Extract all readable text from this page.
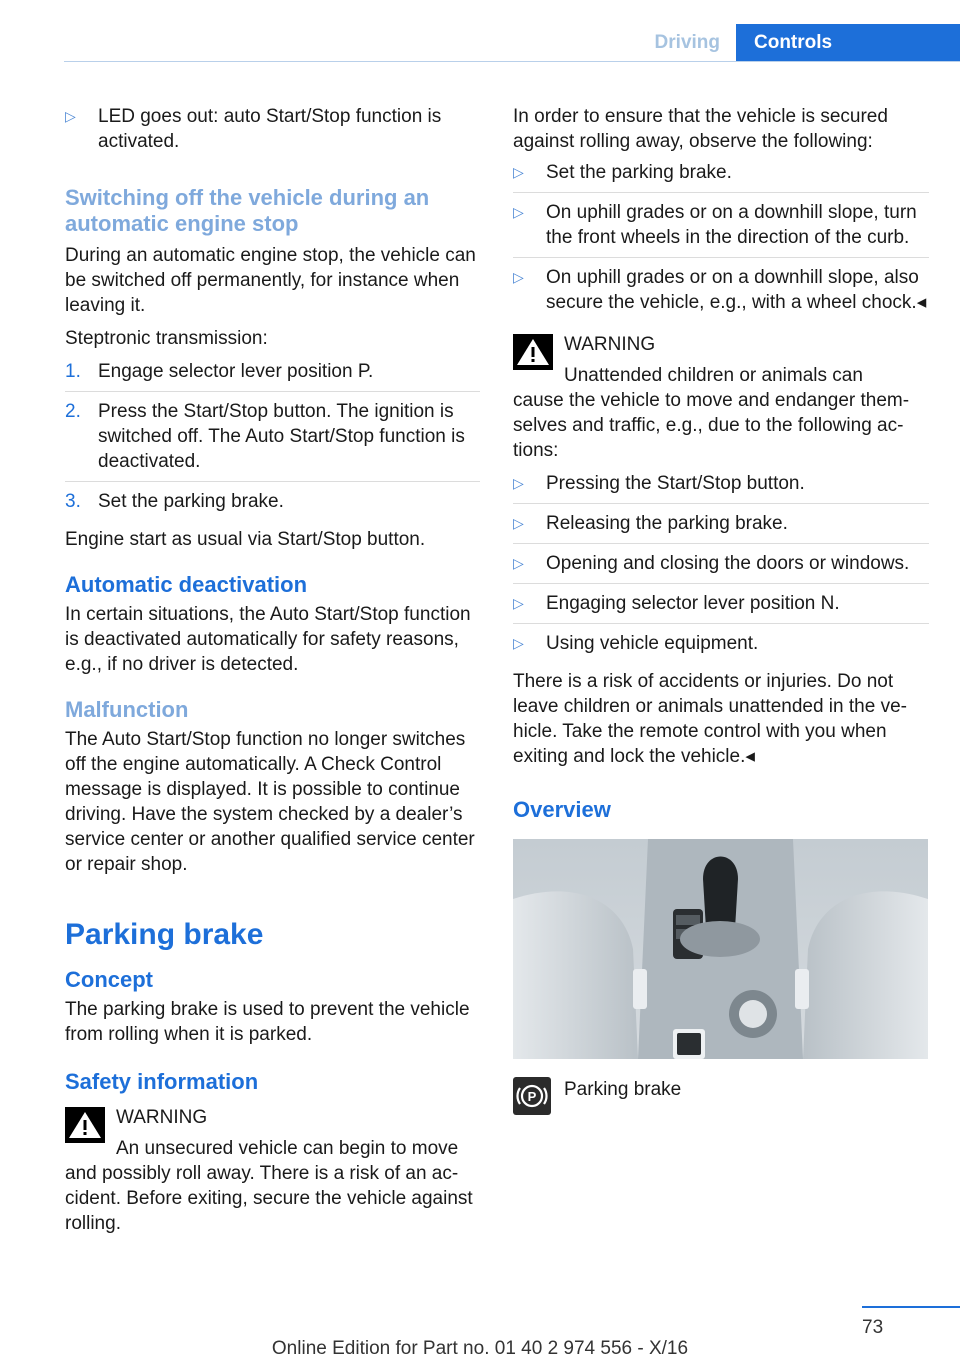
Driving	Controls
▷ LED goes out: auto Start/Stop function is activated.
Switching off the vehicle during an automatic engine stop

During an automatic engine stop, the vehicle can be switched off permanently, for instance when leaving it.

Steptronic transmission:

1. Engage selector lever position P.
2. Press the Start/Stop button. The ignition is switched off. The Auto Start/Stop function is deactivated.
3. Set the parking brake.

Engine start as usual via Start/Stop button.

Automatic deactivation

In certain situations, the Auto Start/Stop function is deactivated automatically for safety reasons, e.g., if no driver is detected.

Malfunction

The Auto Start/Stop function no longer switches off the engine automatically. A Check Control message is displayed. It is possible to continue driving. Have the system checked by a dealer’s service center or another qualified service center or repair shop.

Parking brake
Concept

The parking brake is used to prevent the vehicle from rolling when it is parked.

Safety information

WARNING

An unsecured vehicle can begin to move

and possibly roll away. There is a risk of an accident. Before exiting, secure the vehicle against rolling.

In order to ensure that the vehicle is secured against rolling away, observe the following:

▷ Set the parking brake.
▷ On uphill grades or on a downhill slope, turn the front wheels in the direction of the curb.
▷ On uphill grades or on a downhill slope, also secure the vehicle, e.g., with a wheel chock.◂

WARNING

Unattended children or animals can

cause the vehicle to move and endanger themselves and traffic, e.g., due to the following actions:

▷ Pressing the Start/Stop button.
▷ Releasing the parking brake.
▷ Opening and closing the doors or windows.
▷ Engaging selector lever position N.
▷ Using vehicle equipment.

There is a risk of accidents or injuries. Do not leave children or animals unattended in the vehicle. Take the remote control with you when exiting and lock the vehicle.◂

Overview
P Parking brake
73
Online Edition for Part no. 01 40 2 974 556 - X/16
